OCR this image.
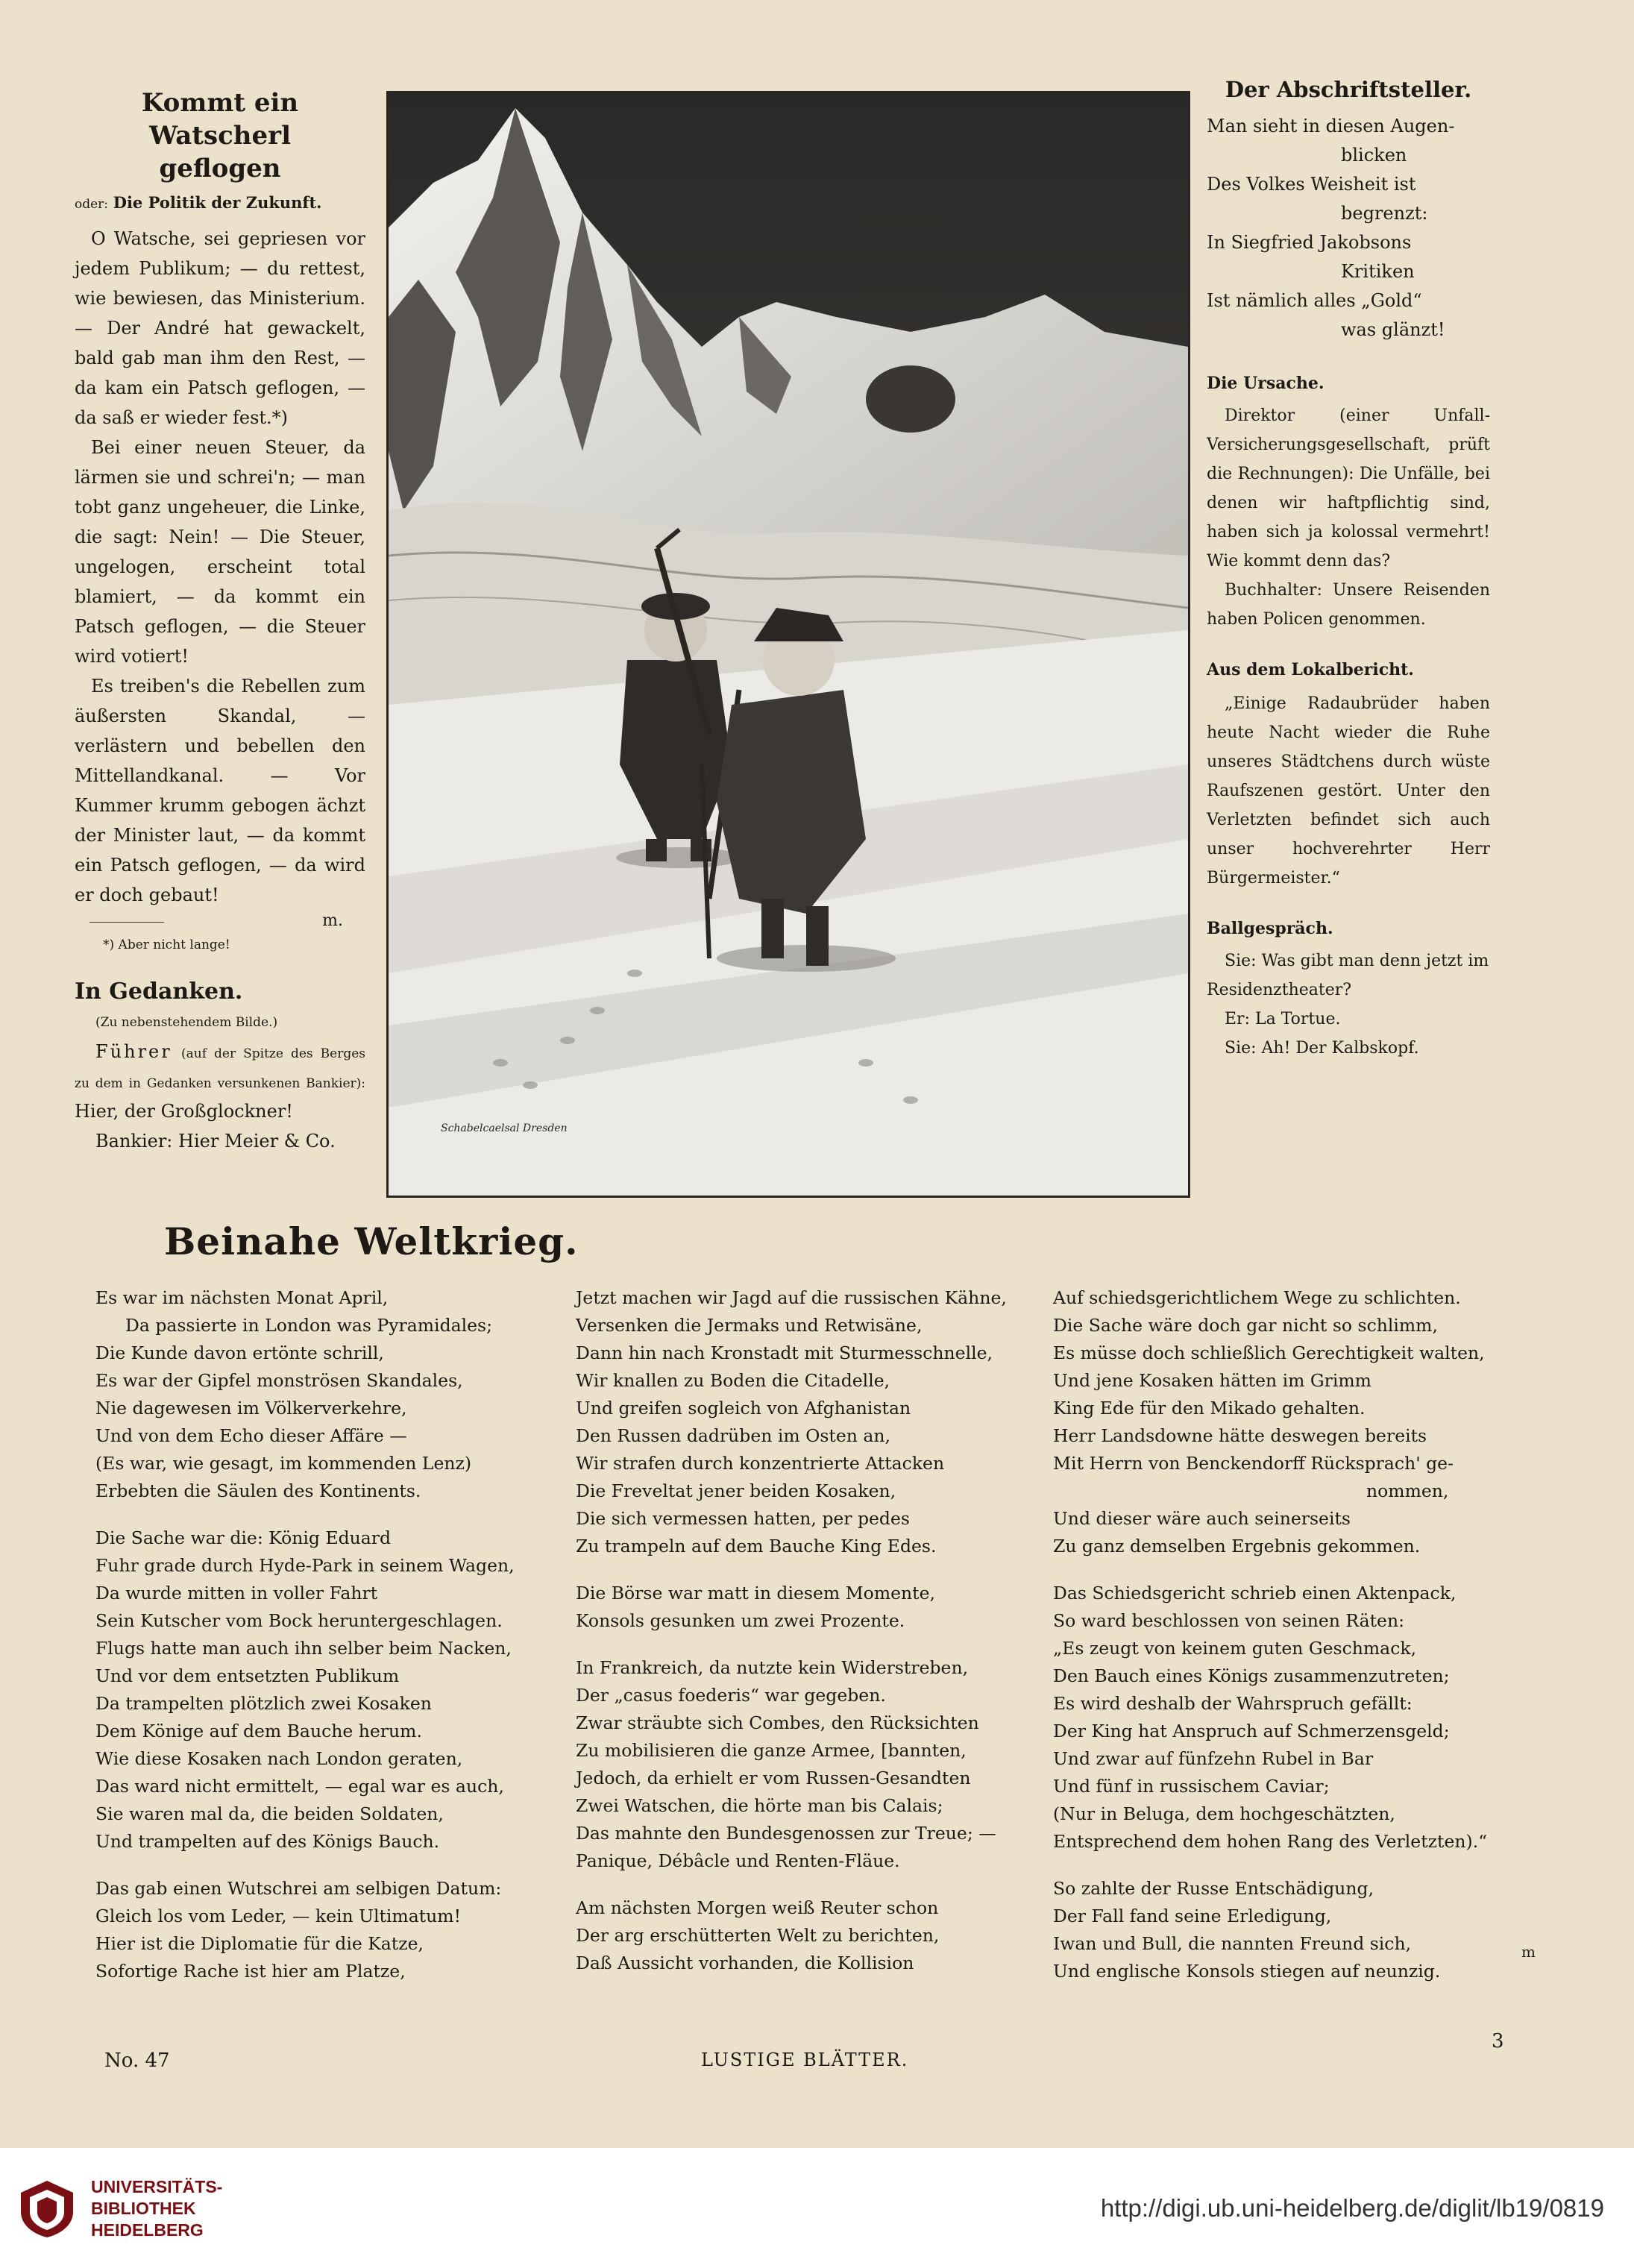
Kommt ein Watscherl
geflogen
oder: Die Politik der Zukunft.

O Watsche, sei gepriesen vor jedem Publikum; — du rettest, wie bewiesen, das Ministerium. — Der André hat gewackelt, bald gab man ihm den Rest, — da kam ein Patsch geflogen, — da saß er wieder fest.*)

Bei einer neuen Steuer, da lärmen sie und schrei'n; — man tobt ganz ungeheuer, die Linke, die sagt: Nein! — Die Steuer, ungelogen, erscheint total blamiert, — da kommt ein Patsch geflogen, — die Steuer wird votiert!

Es treiben's die Rebellen zum äußersten Skandal, — verlästern und bebellen den Mittellandkanal. — Vor Kummer krumm gebogen ächzt der Minister laut, — da kommt ein Patsch geflogen, — da wird er doch gebaut!

m.
*) Aber nicht lange!
In Gedanken.
(Zu nebenstehendem Bilde.)
Führer (auf der Spitze des Berges zu dem in Gedanken versunkenen Bankier): Hier, der Großglockner!
Bankier: Hier Meier & Co.
Schabelcaelsal Dresden
Der Abschriftsteller.
Man sieht in diesen Augen-
blicken
Des Volkes Weisheit ist
begrenzt:
In Siegfried Jakobsons
Kritiken
Ist nämlich alles „Gold“
was glänzt!
Die Ursache.

Direktor (einer Unfall-Versicherungsgesellschaft, prüft die Rechnungen): Die Unfälle, bei denen wir haftpflichtig sind, haben sich ja kolossal vermehrt! Wie kommt denn das?

Buchhalter: Unsere Reisenden haben Policen genommen.

Aus dem Lokalbericht.

„Einige Radaubrüder haben heute Nacht wieder die Ruhe unseres Städtchens durch wüste Raufszenen gestört. Unter den Verletzten befindet sich auch unser hochverehrter Herr Bürgermeister.“

Ballgespräch.
Sie: Was gibt man denn jetzt im Residenztheater?
Er: La Tortue.
Sie: Ah! Der Kalbskopf.
Beinahe Weltkrieg.
Es war im nächsten Monat April,
Da passierte in London was Pyramidales;
Die Kunde davon ertönte schrill,
Es war der Gipfel monströsen Skandales,
Nie dagewesen im Völkerverkehre,
Und von dem Echo dieser Affäre —
(Es war, wie gesagt, im kommenden Lenz)
Erbebten die Säulen des Kontinents.
Die Sache war die: König Eduard
Fuhr grade durch Hyde-Park in seinem Wagen,
Da wurde mitten in voller Fahrt
Sein Kutscher vom Bock heruntergeschlagen.
Flugs hatte man auch ihn selber beim Nacken,
Und vor dem entsetzten Publikum
Da trampelten plötzlich zwei Kosaken
Dem Könige auf dem Bauche herum.
Wie diese Kosaken nach London geraten,
Das ward nicht ermittelt, — egal war es auch,
Sie waren mal da, die beiden Soldaten,
Und trampelten auf des Königs Bauch.
Das gab einen Wutschrei am selbigen Datum:
Gleich los vom Leder, — kein Ultimatum!
Hier ist die Diplomatie für die Katze,
Sofortige Rache ist hier am Platze,
Jetzt machen wir Jagd auf die russischen Kähne,
Versenken die Jermaks und Retwisäne,
Dann hin nach Kronstadt mit Sturmesschnelle,
Wir knallen zu Boden die Citadelle,
Und greifen sogleich von Afghanistan
Den Russen dadrüben im Osten an,
Wir strafen durch konzentrierte Attacken
Die Freveltat jener beiden Kosaken,
Die sich vermessen hatten, per pedes
Zu trampeln auf dem Bauche King Edes.
Die Börse war matt in diesem Momente,
Konsols gesunken um zwei Prozente.
In Frankreich, da nutzte kein Widerstreben,
Der „casus foederis“ war gegeben.
Zwar sträubte sich Combes, den Rücksichten
Zu mobilisieren die ganze Armee, [bannten,
Jedoch, da erhielt er vom Russen-Gesandten
Zwei Watschen, die hörte man bis Calais;
Das mahnte den Bundesgenossen zur Treue; —
Panique, Débâcle und Renten-Fläue.
Am nächsten Morgen weiß Reuter schon
Der arg erschütterten Welt zu berichten,
Daß Aussicht vorhanden, die Kollision
Auf schiedsgerichtlichem Wege zu schlichten.
Die Sache wäre doch gar nicht so schlimm,
Es müsse doch schließlich Gerechtigkeit walten,
Und jene Kosaken hätten im Grimm
King Ede für den Mikado gehalten.
Herr Landsdowne hätte deswegen bereits
Mit Herrn von Benckendorff Rücksprach' ge-
nommen,
Und dieser wäre auch seinerseits
Zu ganz demselben Ergebnis gekommen.
Das Schiedsgericht schrieb einen Aktenpack,
So ward beschlossen von seinen Räten:
„Es zeugt von keinem guten Geschmack,
Den Bauch eines Königs zusammenzutreten;
Es wird deshalb der Wahrspruch gefällt:
Der King hat Anspruch auf Schmerzensgeld;
Und zwar auf fünfzehn Rubel in Bar
Und fünf in russischem Caviar;
(Nur in Beluga, dem hochgeschätzten,
Entsprechend dem hohen Rang des Verletzten).“
So zahlte der Russe Entschädigung,
Der Fall fand seine Erledigung,
Iwan und Bull, die nannten Freund sich,
Und englische Konsols stiegen auf neunzig.
m
No. 47	LUSTIGE BLÄTTER.
3
UNIVERSITÄTS-
BIBLIOTHEK
HEIDELBERG
http://digi.ub.uni-heidelberg.de/diglit/lb19/0819
